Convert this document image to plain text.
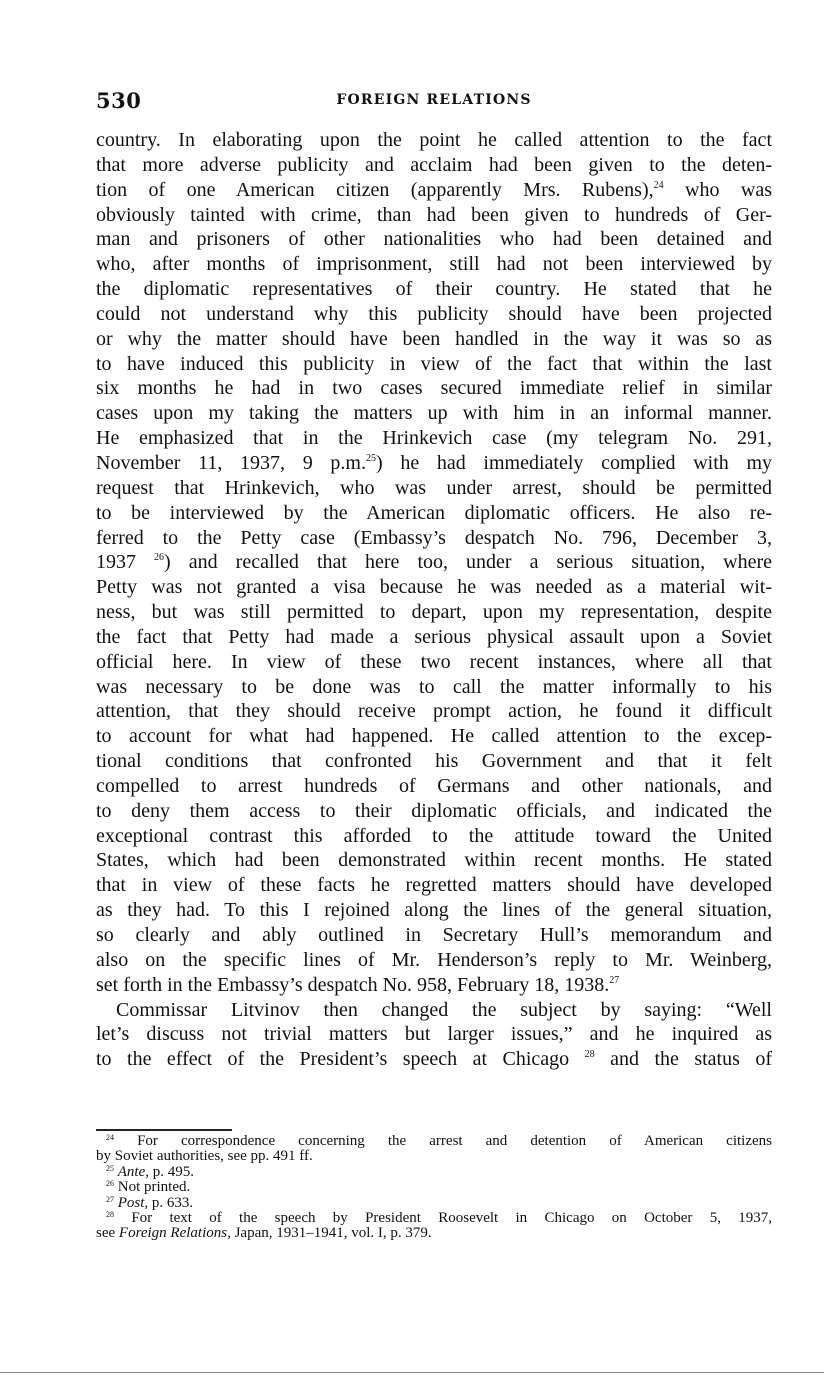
530	FOREIGN RELATIONS
country. In elaborating upon the point he called attention to the fact
that more adverse publicity and acclaim had been given to the deten-
tion of one American citizen (apparently Mrs. Rubens),$^{24}$ who was
obviously tainted with crime, than had been given to hundreds of Ger-
man and prisoners of other nationalities who had been detained and
who, after months of imprisonment, still had not been interviewed by
the diplomatic representatives of their country. He stated that he
could not understand why this publicity should have been projected
or why the matter should have been handled in the way it was so as
to have induced this publicity in view of the fact that within the last
six months he had in two cases secured immediate relief in similar
cases upon my taking the matters up with him in an informal manner.
He emphasized that in the Hrinkevich case (my telegram No. 291,
November 11, 1937, 9 p.m.$^{25}$) he had immediately complied with my
request that Hrinkevich, who was under arrest, should be permitted
to be interviewed by the American diplomatic officers. He also re-
ferred to the Petty case (Embassy’s despatch No. 796, December 3,
1937 $^{26}$) and recalled that here too, under a serious situation, where
Petty was not granted a visa because he was needed as a material wit-
ness, but was still permitted to depart, upon my representation, despite
the fact that Petty had made a serious physical assault upon a Soviet
official here. In view of these two recent instances, where all that
was necessary to be done was to call the matter informally to his
attention, that they should receive prompt action, he found it difficult
to account for what had happened. He called attention to the excep-
tional conditions that confronted his Government and that it felt
compelled to arrest hundreds of Germans and other nationals, and
to deny them access to their diplomatic officials, and indicated the
exceptional contrast this afforded to the attitude toward the United
States, which had been demonstrated within recent months. He stated
that in view of these facts he regretted matters should have developed
as they had. To this I rejoined along the lines of the general situation,
so clearly and ably outlined in Secretary Hull’s memorandum and
also on the specific lines of Mr. Henderson’s reply to Mr. Weinberg,
set forth in the Embassy’s despatch No. 958, February 18, 1938.27
Commissar Litvinov then changed the subject by saying: “Well
let’s discuss not trivial matters but larger issues,” and he inquired as
to the effect of the President’s speech at Chicago $^{28}$ and the status of
$^{24}$ For correspondence concerning the arrest and detention of American citizens
by Soviet authorities, see pp. 491 ff.
$^{25}$ Ante, p. 495.
$^{26}$ Not printed.
$^{27}$ Post, p. 633.
$^{28}$ For text of the speech by President Roosevelt in Chicago on October 5, 1937,
see Foreign Relations, Japan, 1931–1941, vol. I, p. 379.
